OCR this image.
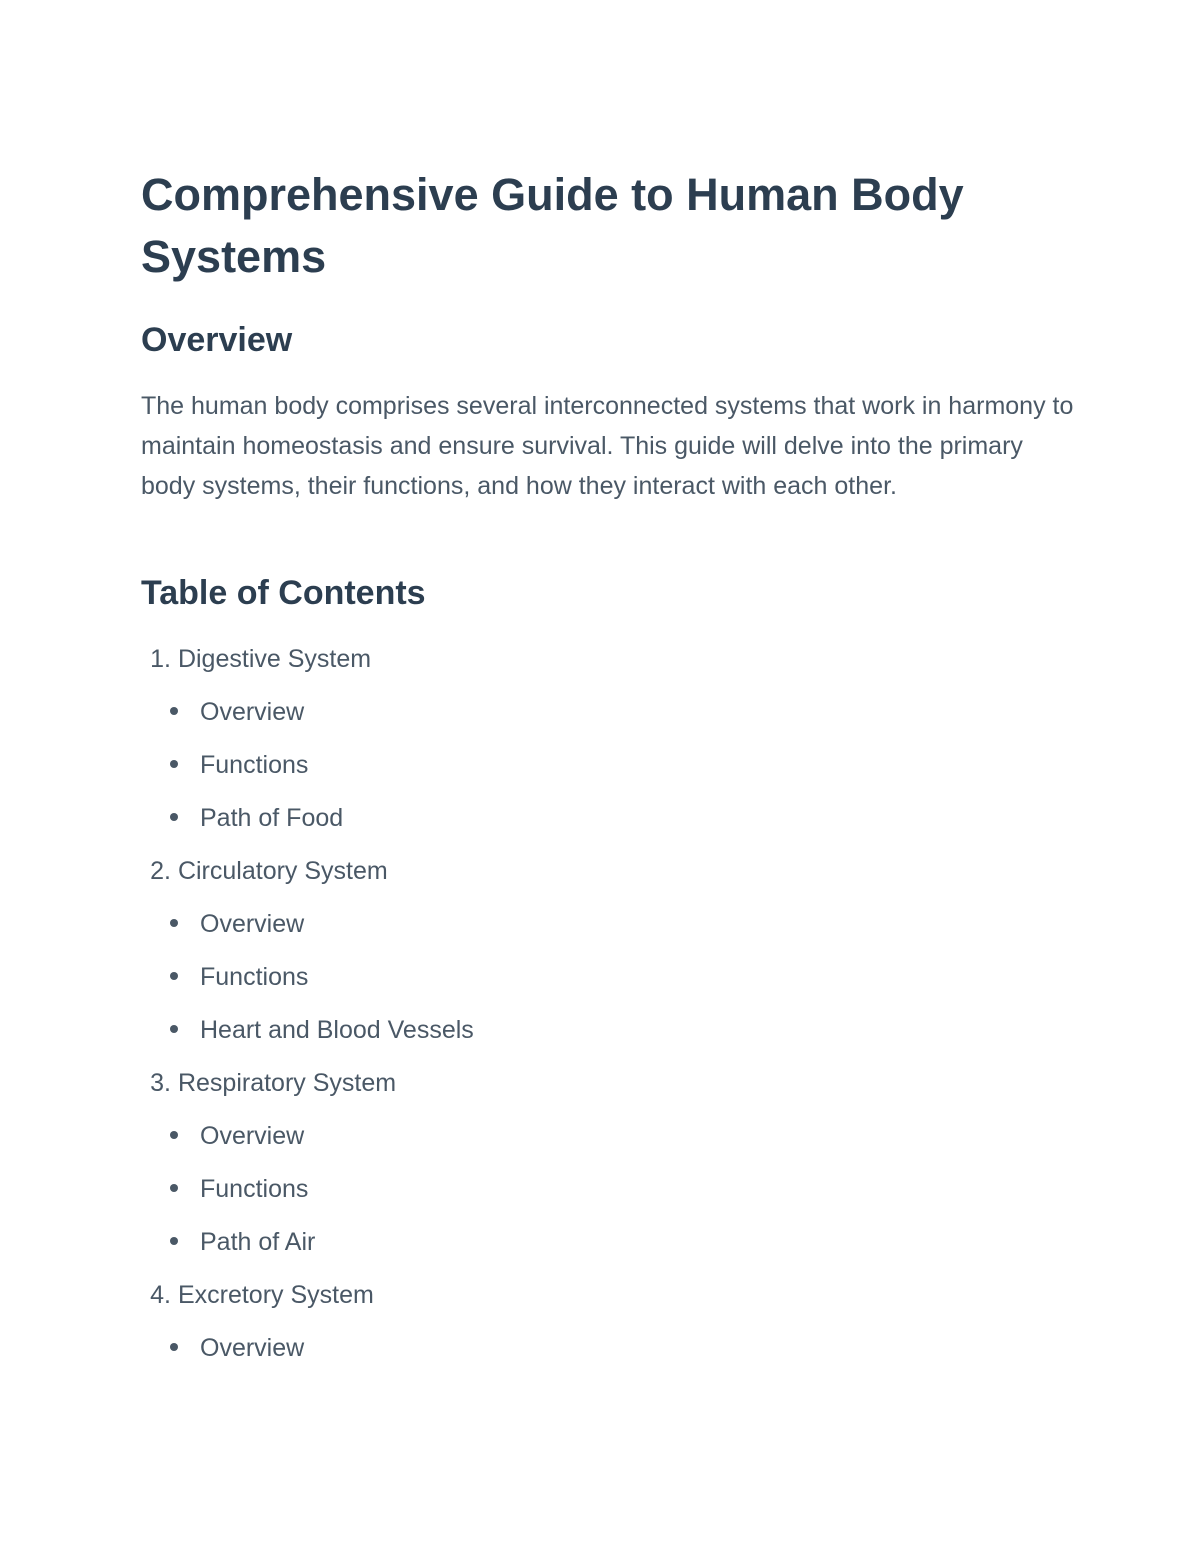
Comprehensive Guide to Human Body Systems
Overview

The human body comprises several interconnected systems that work in harmony to maintain homeostasis and ensure survival. This guide will delve into the primary body systems, their functions, and how they interact with each other.

Table of Contents
1. Digestive System
Overview
Functions
Path of Food
2. Circulatory System
Overview
Functions
Heart and Blood Vessels
3. Respiratory System
Overview
Functions
Path of Air
4. Excretory System
Overview
